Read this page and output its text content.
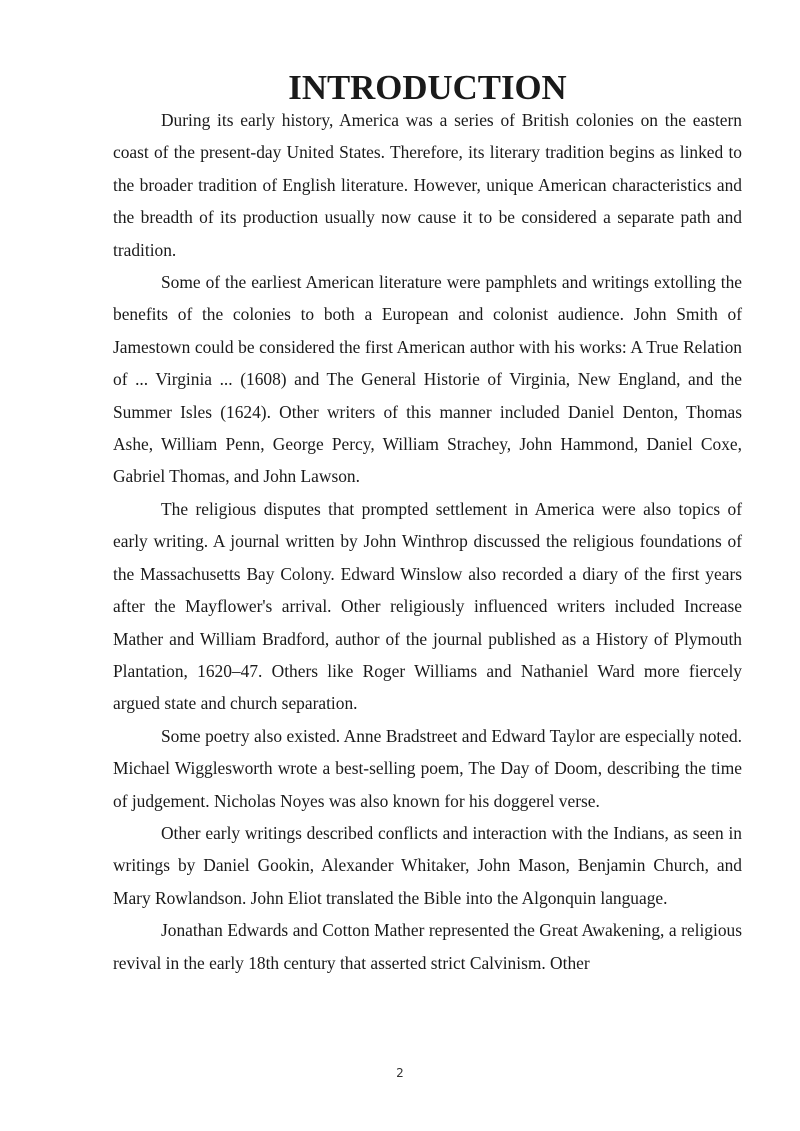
INTRODUCTION

During its early history, America was a series of British colonies on the eastern coast of the present-day United States. Therefore, its literary tradition begins as linked to the broader tradition of English literature. However, unique American characteristics and the breadth of its production usually now cause it to be considered a separate path and tradition.

Some of the earliest American literature were pamphlets and writings extolling the benefits of the colonies to both a European and colonist audience. John Smith of Jamestown could be considered the first American author with his works: A True Relation of ... Virginia ... (1608) and The General Historie of Virginia, New England, and the Summer Isles (1624). Other writers of this manner included Daniel Denton, Thomas Ashe, William Penn, George Percy, William Strachey, John Hammond, Daniel Coxe, Gabriel Thomas, and John Lawson.

The religious disputes that prompted settlement in America were also topics of early writing. A journal written by John Winthrop discussed the religious foundations of the Massachusetts Bay Colony. Edward Winslow also recorded a diary of the first years after the Mayflower's arrival. Other religiously influenced writers included Increase Mather and William Bradford, author of the journal published as a History of Plymouth Plantation, 1620–47. Others like Roger Williams and Nathaniel Ward more fiercely argued state and church separation.

Some poetry also existed. Anne Bradstreet and Edward Taylor are especially noted. Michael Wigglesworth wrote a best-selling poem, The Day of Doom, describing the time of judgement. Nicholas Noyes was also known for his doggerel verse.

Other early writings described conflicts and interaction with the Indians, as seen in writings by Daniel Gookin, Alexander Whitaker, John Mason, Benjamin Church, and Mary Rowlandson. John Eliot translated the Bible into the Algonquin language.

Jonathan Edwards and Cotton Mather represented the Great Awakening, a religious revival in the early 18th century that asserted strict Calvinism. Other

2
